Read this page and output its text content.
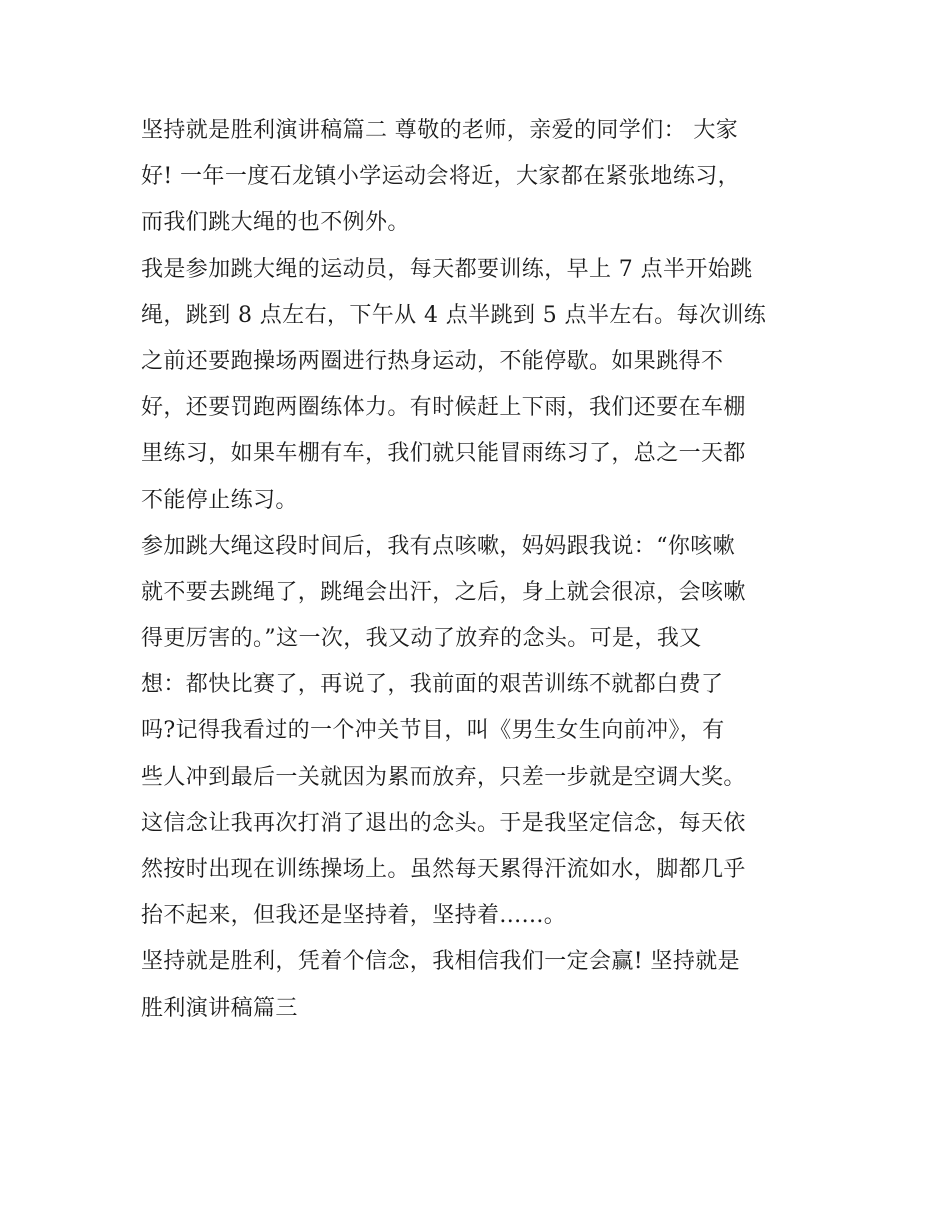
坚持就是胜利演讲稿篇二 尊敬的老师，亲爱的同学们： 大家
好! 一年一度石龙镇小学运动会将近，大家都在紧张地练习，
而我们跳大绳的也不例外。
我是参加跳大绳的运动员，每天都要训练，早上 7 点半开始跳
绳，跳到 8 点左右，下午从 4 点半跳到 5 点半左右。每次训练
之前还要跑操场两圈进行热身运动，不能停歇。如果跳得不
好，还要罚跑两圈练体力。有时候赶上下雨，我们还要在车棚
里练习，如果车棚有车，我们就只能冒雨练习了，总之一天都
不能停止练习。
参加跳大绳这段时间后，我有点咳嗽，妈妈跟我说：“你咳嗽
就不要去跳绳了，跳绳会出汗，之后，身上就会很凉，会咳嗽
得更厉害的。”这一次，我又动了放弃的念头。可是，我又
想：都快比赛了，再说了，我前面的艰苦训练不就都白费了
吗?记得我看过的一个冲关节目，叫《男生女生向前冲》，有
些人冲到最后一关就因为累而放弃，只差一步就是空调大奖。
这信念让我再次打消了退出的念头。于是我坚定信念，每天依
然按时出现在训练操场上。虽然每天累得汗流如水，脚都几乎
抬不起来，但我还是坚持着，坚持着......。
坚持就是胜利，凭着个信念，我相信我们一定会赢! 坚持就是
胜利演讲稿篇三
